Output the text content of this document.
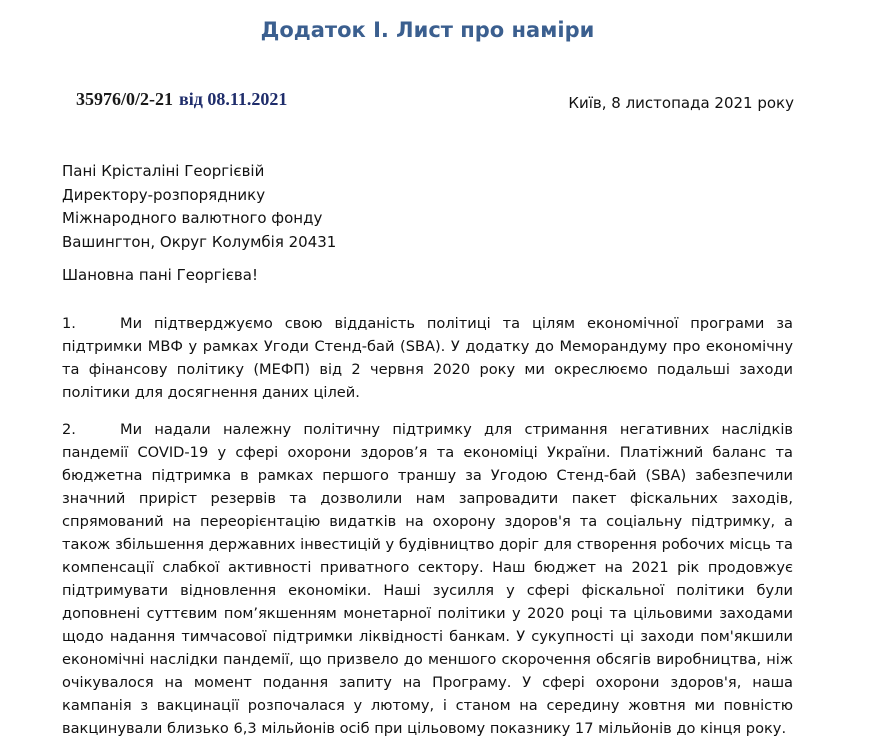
Додаток I. Лист про наміри
35976/0/2-21 від 08.11.2021	Київ, 8 листопада 2021 року
Пані Крісталіні Георгієвій
Директору-розпоряднику
Міжнародного валютного фонду
Вашингтон, Округ Колумбія 20431
Шановна пані Георгієва!
1.	Ми підтверджуємо свою відданість політиці та цілям економічної програми за підтримки МВФ у рамках Угоди Стенд-бай (SBA). У додатку до Меморандуму про економічну та фінансову політику (МЕФП) від 2 червня 2020 року ми окреслюємо подальші заходи політики для досягнення даних цілей.
2.	Ми надали належну політичну підтримку для стримання негативних наслідків пандемії COVID-19 у сфері охорони здоров’я та економіці України. Платіжний баланс та бюджетна підтримка в рамках першого траншу за Угодою Стенд-бай (SBA) забезпечили значний приріст резервів та дозволили нам запровадити пакет фіскальних заходів, спрямований на переорієнтацію видатків на охорону здоров'я та соціальну підтримку, а також збільшення державних інвестицій у будівництво доріг для створення робочих місць та компенсації слабкої активності приватного сектору. Наш бюджет на 2021 рік продовжує підтримувати відновлення економіки. Наші зусилля у сфері фіскальної політики були доповнені суттєвим пом’якшенням монетарної політики у 2020 році та цільовими заходами щодо надання тимчасової підтримки ліквідності банкам. У сукупності ці заходи пом'якшили економічні наслідки пандемії, що призвело до меншого скорочення обсягів виробництва, ніж очікувалося на момент подання запиту на Програму. У сфері охорони здоров'я, наша кампанія з вакцинації розпочалася у лютому, і станом на середину жовтня ми повністю вакцинували близько 6,3 мільйонів осіб при цільовому показнику 17 мільйонів до кінця року.
